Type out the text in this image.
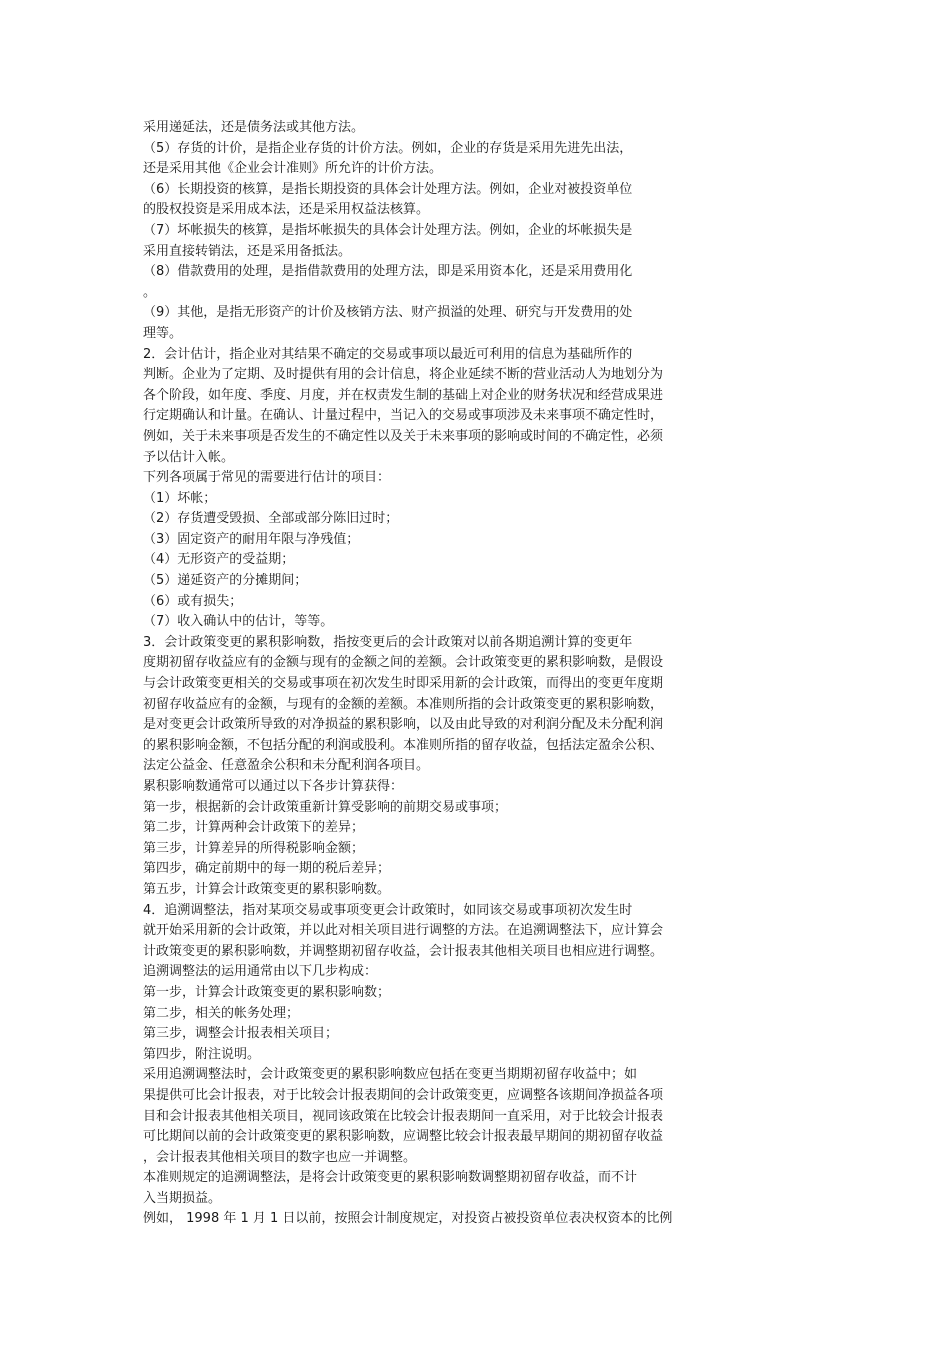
采用递延法，还是债务法或其他方法。
（5）存货的计价，是指企业存货的计价方法。例如，企业的存货是采用先进先出法，
还是采用其他《企业会计准则》所允许的计价方法。
（6）长期投资的核算，是指长期投资的具体会计处理方法。例如，企业对被投资单位
的股权投资是采用成本法，还是采用权益法核算。
（7）坏帐损失的核算，是指坏帐损失的具体会计处理方法。例如，企业的坏帐损失是
采用直接转销法，还是采用备抵法。
（8）借款费用的处理，是指借款费用的处理方法，即是采用资本化，还是采用费用化
。
（9）其他，是指无形资产的计价及核销方法、财产损溢的处理、研究与开发费用的处
理等。
2．会计估计，指企业对其结果不确定的交易或事项以最近可利用的信息为基础所作的
判断。企业为了定期、及时提供有用的会计信息，将企业延续不断的营业活动人为地划分为
各个阶段，如年度、季度、月度，并在权责发生制的基础上对企业的财务状况和经营成果进
行定期确认和计量。在确认、计量过程中，当记入的交易或事项涉及未来事项不确定性时，
例如，关于未来事项是否发生的不确定性以及关于未来事项的影响或时间的不确定性，必须
予以估计入帐。
下列各项属于常见的需要进行估计的项目：
（1）坏帐；
（2）存货遭受毁损、全部或部分陈旧过时；
（3）固定资产的耐用年限与净残值；
（4）无形资产的受益期；
（5）递延资产的分摊期间；
（6）或有损失；
（7）收入确认中的估计，等等。
3．会计政策变更的累积影响数，指按变更后的会计政策对以前各期追溯计算的变更年
度期初留存收益应有的金额与现有的金额之间的差额。会计政策变更的累积影响数，是假设
与会计政策变更相关的交易或事项在初次发生时即采用新的会计政策，而得出的变更年度期
初留存收益应有的金额，与现有的金额的差额。本准则所指的会计政策变更的累积影响数，
是对变更会计政策所导致的对净损益的累积影响，以及由此导致的对利润分配及未分配利润
的累积影响金额，不包括分配的利润或股利。本准则所指的留存收益，包括法定盈余公积、
法定公益金、任意盈余公积和未分配利润各项目。
累积影响数通常可以通过以下各步计算获得：
第一步，根据新的会计政策重新计算受影响的前期交易或事项；
第二步，计算两种会计政策下的差异；
第三步，计算差异的所得税影响金额；
第四步，确定前期中的每一期的税后差异；
第五步，计算会计政策变更的累积影响数。
4．追溯调整法，指对某项交易或事项变更会计政策时，如同该交易或事项初次发生时
就开始采用新的会计政策，并以此对相关项目进行调整的方法。在追溯调整法下，应计算会
计政策变更的累积影响数，并调整期初留存收益，会计报表其他相关项目也相应进行调整。
追溯调整法的运用通常由以下几步构成：
第一步，计算会计政策变更的累积影响数；
第二步，相关的帐务处理；
第三步，调整会计报表相关项目；
第四步，附注说明。
采用追溯调整法时，会计政策变更的累积影响数应包括在变更当期期初留存收益中；如
果提供可比会计报表，对于比较会计报表期间的会计政策变更，应调整各该期间净损益各项
目和会计报表其他相关项目，视同该政策在比较会计报表期间一直采用，对于比较会计报表
可比期间以前的会计政策变更的累积影响数，应调整比较会计报表最早期间的期初留存收益
，会计报表其他相关项目的数字也应一并调整。
本准则规定的追溯调整法，是将会计政策变更的累积影响数调整期初留存收益，而不计
入当期损益。
例如， 1998 年 1 月 1 日以前，按照会计制度规定，对投资占被投资单位表决权资本的比例
